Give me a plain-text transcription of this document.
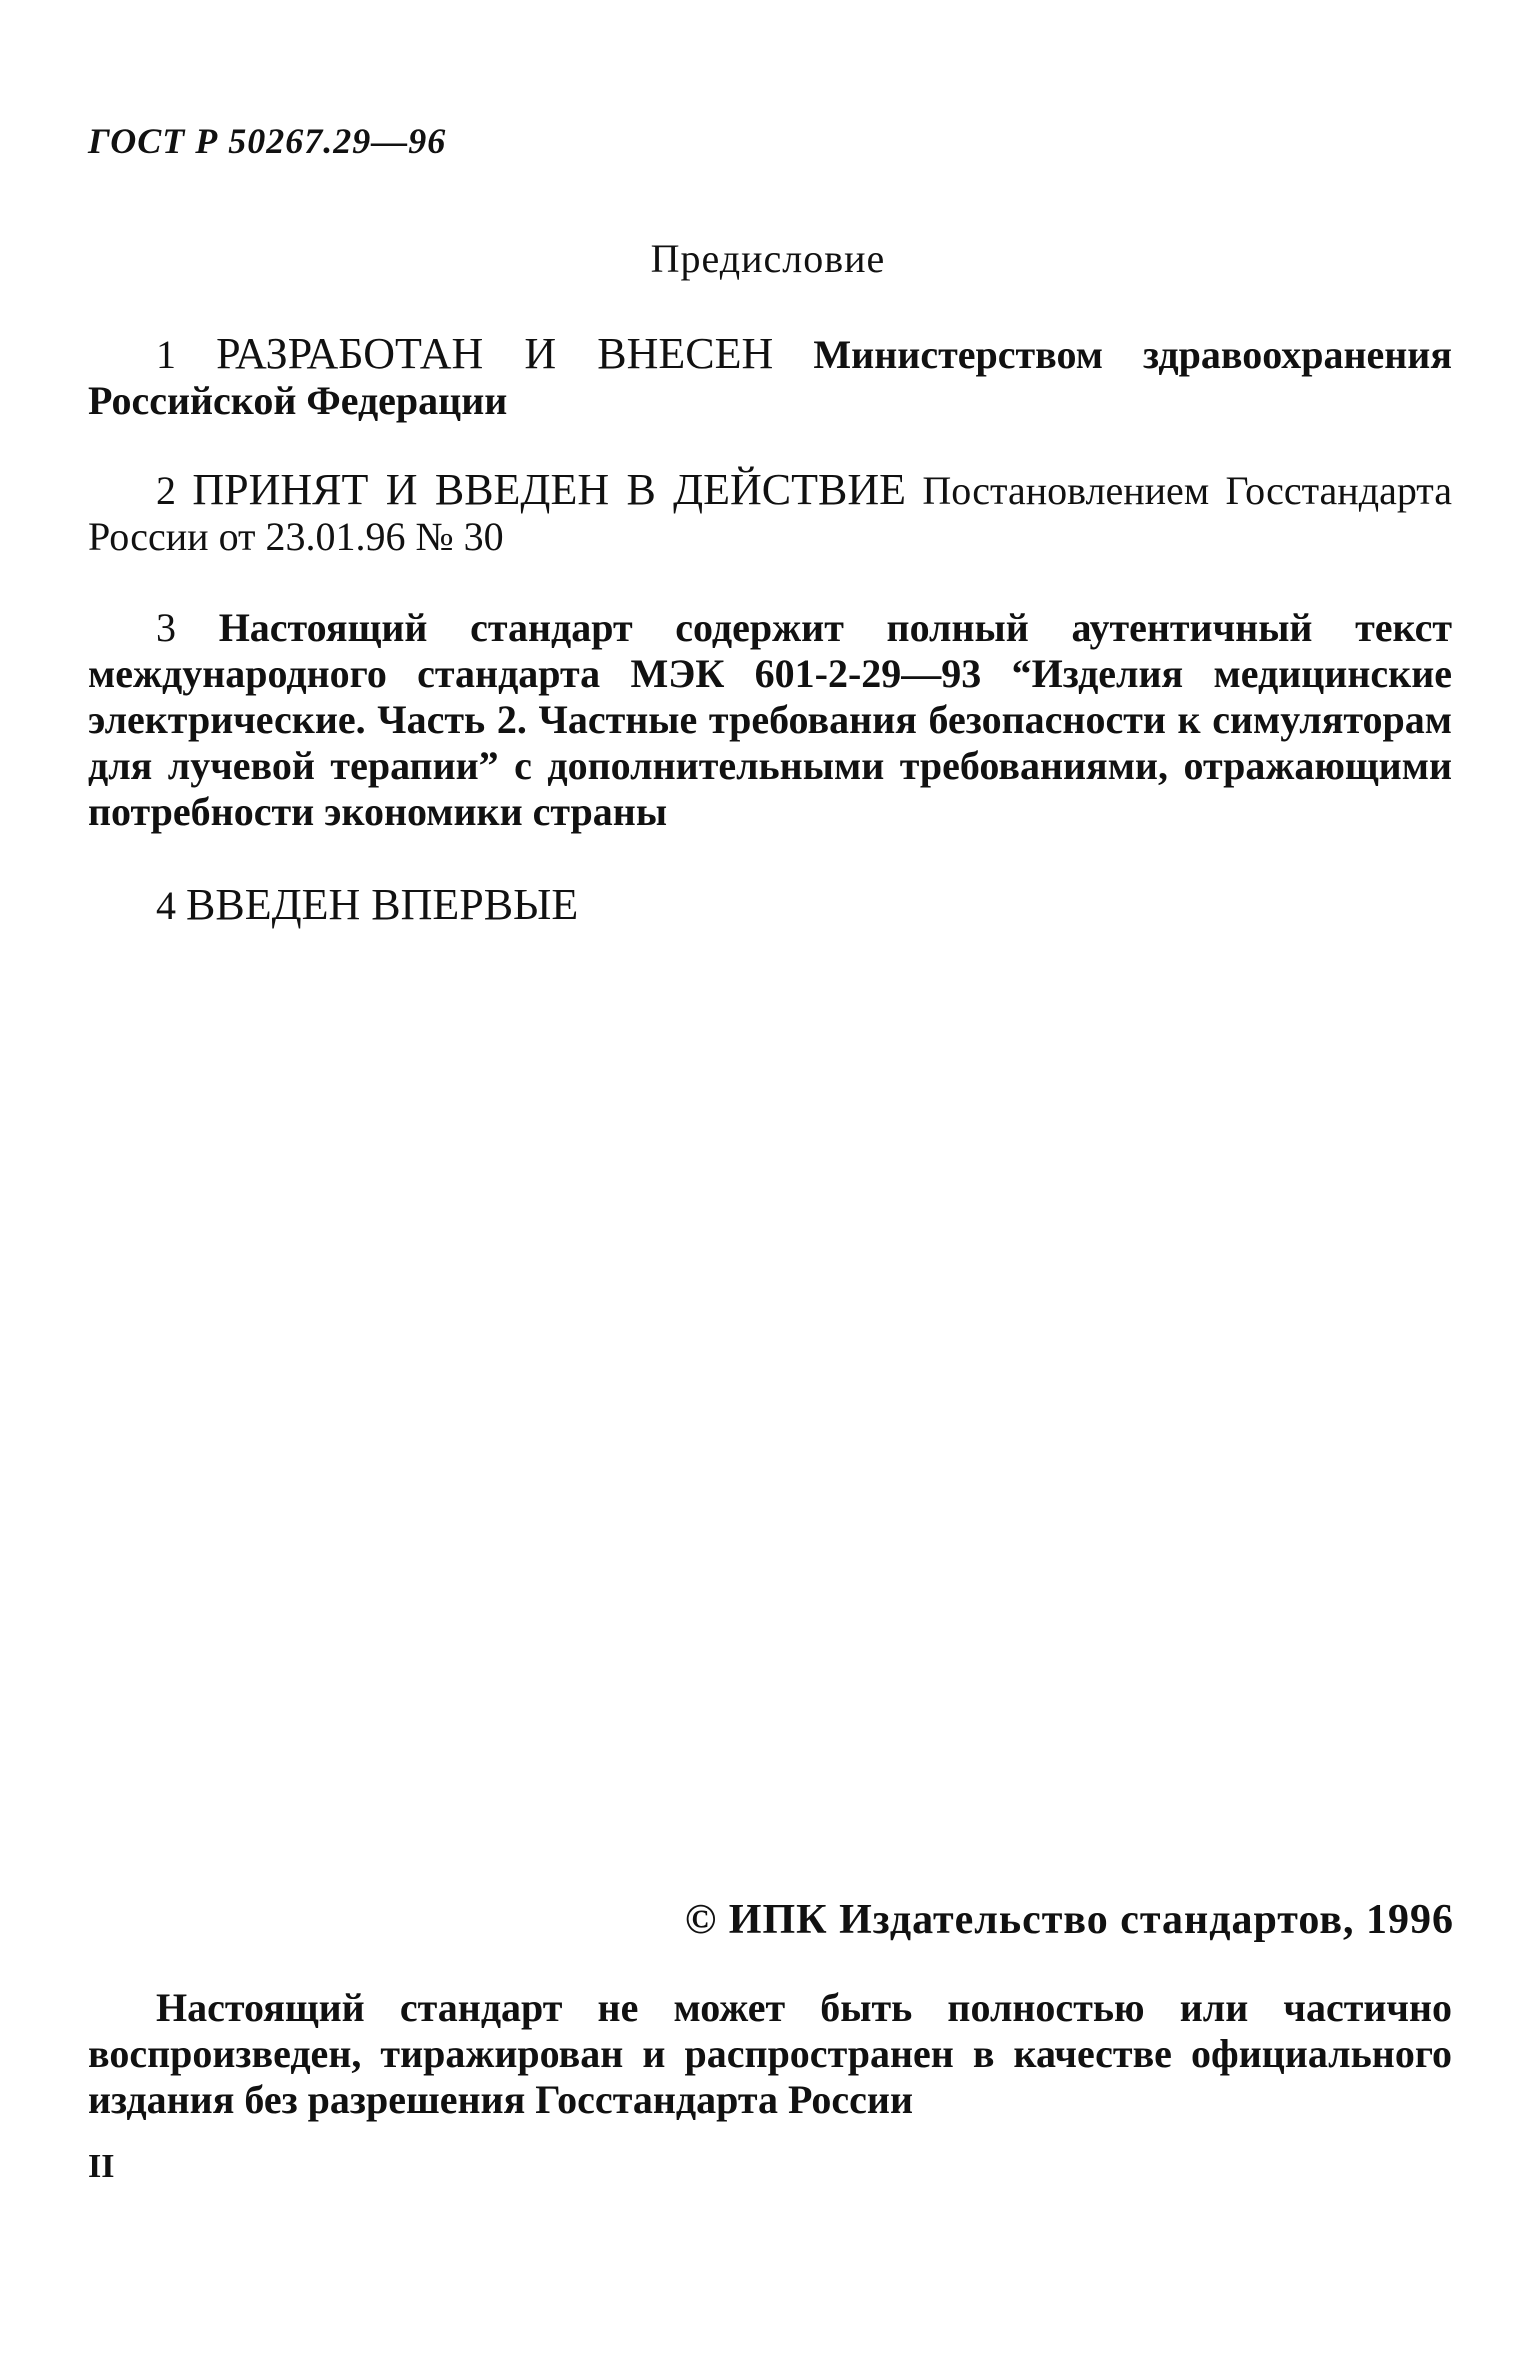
ГОСТ Р 50267.29—96
Предисловие
1 РАЗРАБОТАН И ВНЕСЕН Министерством здравоохранения Российской Федерации
2 ПРИНЯТ И ВВЕДЕН В ДЕЙСТВИЕ Постановлением Госстандарта России от 23.01.96 № 30
3 Настоящий стандарт содержит полный аутентичный текст международного стандарта МЭК 601-2-29—93 “Изделия медицинские электрические. Часть 2. Частные требования безопасности к симуляторам для лучевой терапии” с дополнительными требованиями, отражающими потребности экономики страны
4 ВВЕДЕН ВПЕРВЫЕ
© ИПК Издательство стандартов, 1996
Настоящий стандарт не может быть полностью или частично воспроизведен, тиражирован и распространен в качестве официального издания без разрешения Госстандарта России
II
